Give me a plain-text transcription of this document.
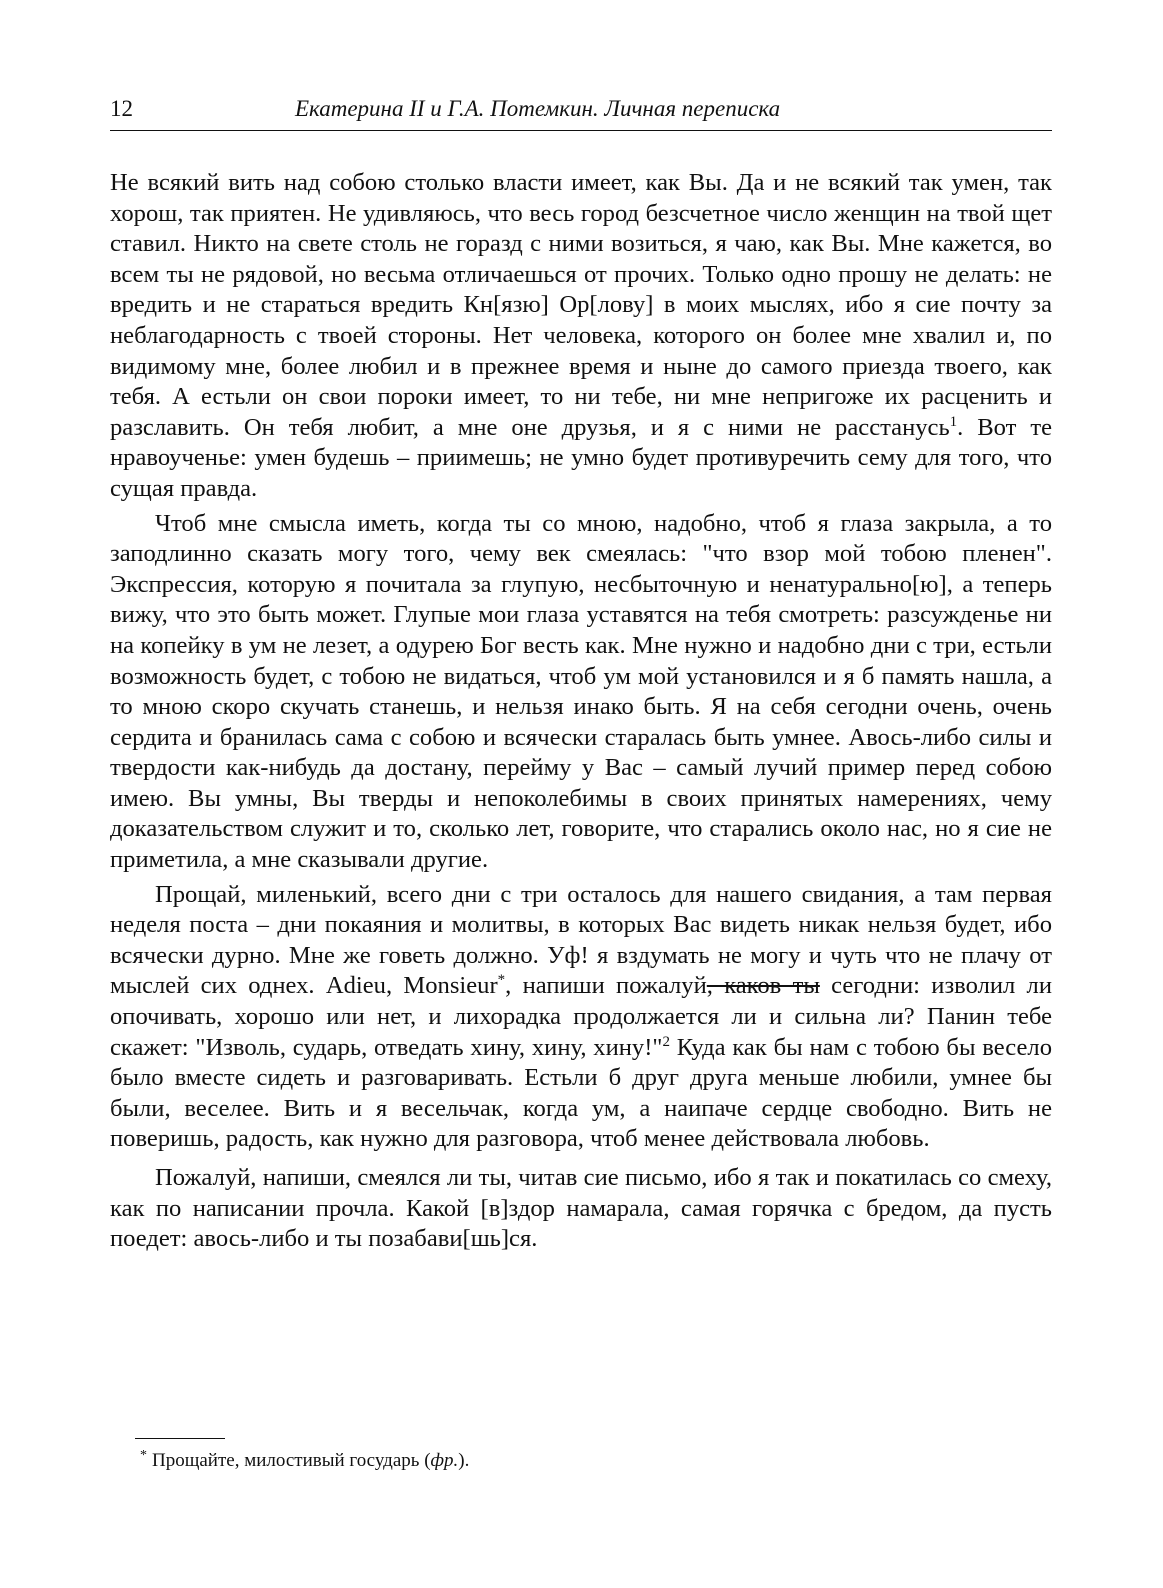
12	Екатерина II и Г.А. Потемкин. Личная переписка

Не всякий вить над собою столько власти имеет, как Вы. Да и не всякий так умен, так хорош, так приятен. Не удивляюсь, что весь город безсчетное число женщин на твой щет ставил. Никто на свете столь не горазд с ними возиться, я чаю, как Вы. Мне кажется, во всем ты не рядовой, но весьма отличаешься от прочих. Только одно прошу не делать: не вредить и не стараться вредить Кн[язю] Ор[лову] в моих мыслях, ибо я сие почту за неблагодарность с твоей стороны. Нет человека, которого он более мне хвалил и, по видимому мне, более любил и в прежнее время и ныне до самого приезда твоего, как тебя. А естьли он свои пороки имеет, то ни тебе, ни мне непригоже их расценить и разславить. Он тебя любит, а мне оне друзья, и я с ними не расстанусь$^1$. Вот те нравоученье: умен будешь – приимешь; не умно будет противуречить сему для того, что сущая правда.

Чтоб мне смысла иметь, когда ты со мною, надобно, чтоб я глаза закрыла, а то заподлинно сказать могу того, чему век смеялась: "что взор мой тобою пленен". Экспрессия, которую я почитала за глупую, несбыточную и ненатурально[ю], а теперь вижу, что это быть может. Глупые мои глаза уставятся на тебя смотреть: разсужденье ни на копейку в ум не лезет, а одурею Бог весть как. Мне нужно и надобно дни с три, естьли возможность будет, с тобою не видаться, чтоб ум мой установился и я б память нашла, а то мною скоро скучать станешь, и нельзя инако быть. Я на себя сегодни очень, очень сердита и бранилась сама с собою и всячески старалась быть умнее. Авось-либо силы и твердости как-нибудь да достану, перейму у Вас – самый лучий пример перед собою имею. Вы умны, Вы тверды и непоколебимы в своих принятых намерениях, чему доказательством служит и то, сколько лет, говорите, что старались около нас, но я сие не приметила, а мне сказывали другие.

Прощай, миленький, всего дни с три осталось для нашего свидания, а там первая неделя поста – дни покаяния и молитвы, в которых Вас видеть никак нельзя будет, ибо всячески дурно. Мне же говеть должно. Уф! я вздумать не могу и чуть что не плачу от мыслей сих однех. Adieu, Monsieur*, напиши пожалуй, каков ты сегодни: изволил ли опочивать, хорошо или нет, и лихорадка продолжается ли и сильна ли? Панин тебе скажет: "Изволь, сударь, отведать хину, хину, хину!"$^2$ Куда как бы нам с тобою бы весело было вместе сидеть и разговаривать. Естьли б друг друга меньше любили, умнее бы были, веселее. Вить и я весельчак, когда ум, а наипаче сердце свободно. Вить не поверишь, радость, как нужно для разговора, чтоб менее действовала любовь.

Пожалуй, напиши, смеялся ли ты, читав сие письмо, ибо я так и покатилась со смеху, как по написании прочла. Какой [в]здор намарала, самая горячка с бредом, да пусть поедет: авось-либо и ты позабави[шь]ся.

* Прощайте, милостивый государь (фр.).
